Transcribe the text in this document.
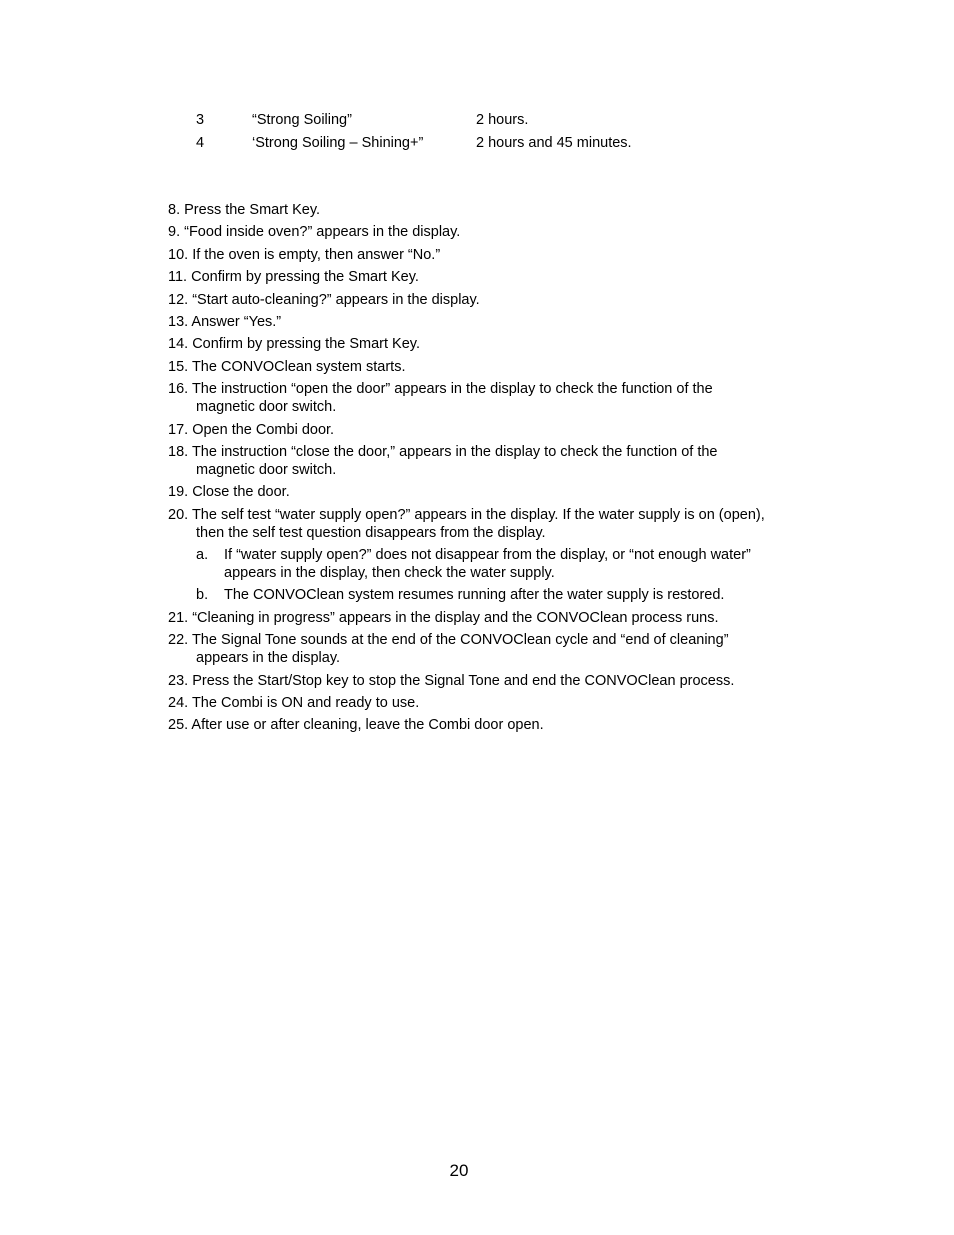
3	“Strong Soiling”	2 hours.
4	‘Strong Soiling – Shining+”	2 hours and 45 minutes.
8. Press the Smart Key.
9. “Food inside oven?” appears in the display.
10. If the oven is empty, then answer “No.”
11. Confirm by pressing the Smart Key.
12. “Start auto-cleaning?” appears in the display.
13. Answer “Yes.”
14. Confirm by pressing the Smart Key.
15. The CONVOClean system starts.
16. The instruction “open the door” appears in the display to check the function of the
magnetic door switch.
17. Open the Combi door.
18. The instruction “close the door,” appears in the display to check the function of the
magnetic door switch.
19. Close the door.
20. The self test “water supply open?” appears in the display. If the water supply is on (open),
then the self test question disappears from the display.
a. If “water supply open?” does not disappear from the display, or “not enough water”
appears in the display, then check the water supply.
b. The CONVOClean system resumes running after the water supply is restored.
21. “Cleaning in progress” appears in the display and the CONVOClean process runs.
22. The Signal Tone sounds at the end of the CONVOClean cycle and “end of cleaning”
appears in the display.
23. Press the Start/Stop key to stop the Signal Tone and end the CONVOClean process.
24. The Combi is ON and ready to use.
25. After use or after cleaning, leave the Combi door open.
20
